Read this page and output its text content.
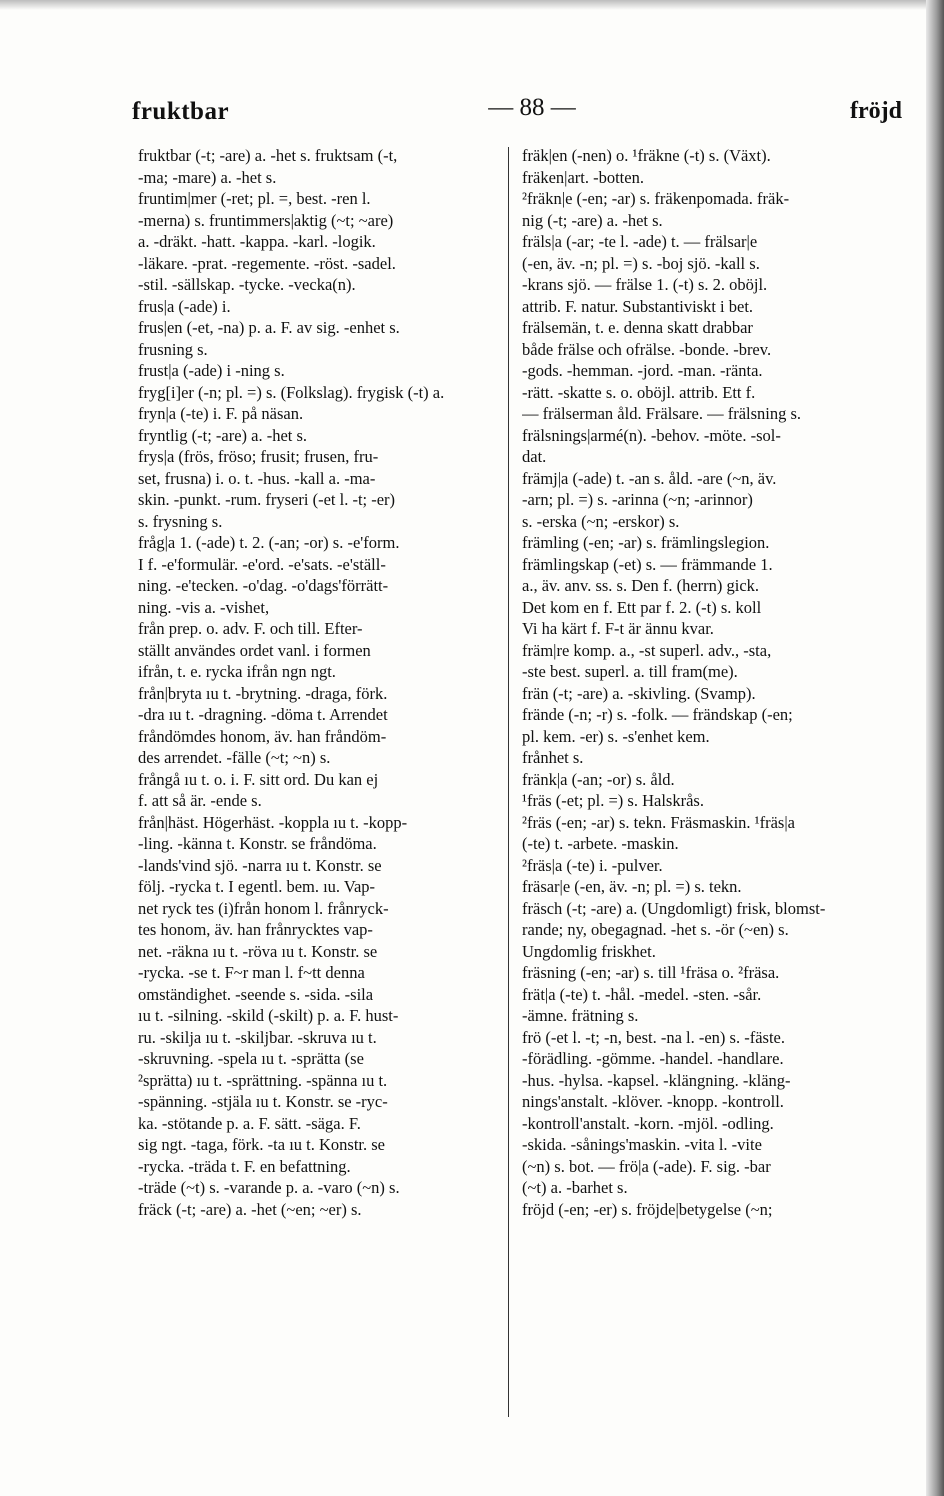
fruktbar	— 88 —	fröjd
fruktbar (-t; -are) a. -het s. fruktsam (-t,
-ma; -mare) a. -het s.
fruntim|mer (-ret; pl. =, best. -ren l.
-merna) s. fruntimmers|aktig (~t; ~are)
a. -dräkt. -hatt. -kappa. -karl. -logik.
-läkare. -prat. -regemente. -röst. -sadel.
-stil. -sällskap. -tycke. -vecka(n).
frus|a (-ade) i.
frus|en (-et, -na) p. a. F. av sig. -enhet s.
frusning s.
frust|a (-ade) i -ning s.
fryg[i]er (-n; pl. =) s. (Folkslag). frygisk (-t) a.
fryn|a (-te) i. F. på näsan.
fryntlig (-t; -are) a. -het s.
frys|a (frös, fröso; frusit; frusen, fru-
set, frusna) i. o. t. -hus. -kall a. -ma-
skin. -punkt. -rum. fryseri (-et l. -t; -er)
s. frysning s.
fråg|a 1. (-ade) t. 2. (-an; -or) s. -e'form.
I f. -e'formulär. -e'ord. -e'sats. -e'ställ-
ning. -e'tecken. -o'dag. -o'dags'förrätt-
ning. -vis a. -vishet,
från prep. o. adv. F. och till. Efter-
ställt användes ordet vanl. i formen
ifrån, t. e. rycka ifrån ngn ngt.
från|bryta ıu t. -brytning. -draga, förk.
-dra ıu t. -dragning. -döma t. Arrendet
fråndömdes honom, äv. han fråndöm-
des arrendet. -fälle (~t; ~n) s.
frångå ıu t. o. i. F. sitt ord. Du kan ej
f. att så är. -ende s.
från|häst. Högerhäst. -koppla ıu t. -kopp-
-ling. -känna t. Konstr. se fråndöma.
-lands'vind sjö. -narra ıu t. Konstr. se
följ. -rycka t. I egentl. bem. ıu. Vap-
net ryck tes (i)från honom l. frånryck-
tes honom, äv. han frånrycktes vap-
net. -räkna ıu t. -röva ıu t. Konstr. se
-rycka. -se t. F~r man l. f~tt denna
omständighet. -seende s. -sida. -sila
ıu t. -silning. -skild (-skilt) p. a. F. hust-
ru. -skilja ıu t. -skiljbar. -skruva ıu t.
-skruvning. -spela ıu t. -sprätta (se
²sprätta) ıu t. -sprättning. -spänna ıu t.
-spänning. -stjäla ıu t. Konstr. se -ryc-
ka. -stötande p. a. F. sätt. -säga. F.
sig ngt. -taga, förk. -ta ıu t. Konstr. se
-rycka. -träda t. F. en befattning.
-träde (~t) s. -varande p. a. -varo (~n) s.
fräck (-t; -are) a. -het (~en; ~er) s.
fräk|en (-nen) o. ¹fräkne (-t) s. (Växt).
fräken|art. -botten.
²fräkn|e (-en; -ar) s. fräkenpomada. fräk-
nig (-t; -are) a. -het s.
fräls|a (-ar; -te l. -ade) t. — frälsar|e
(-en, äv. -n; pl. =) s. -boj sjö. -kall s.
-krans sjö. — frälse 1. (-t) s. 2. oböjl.
attrib. F. natur. Substantiviskt i bet.
frälsemän, t. e. denna skatt drabbar
både frälse och ofrälse. -bonde. -brev.
-gods. -hemman. -jord. -man. -ränta.
-rätt. -skatte s. o. oböjl. attrib. Ett f.
— frälserman åld. Frälsare. — frälsning s.
frälsnings|armé(n). -behov. -möte. -sol-
dat.
främj|a (-ade) t. -an s. åld. -are (~n, äv.
-arn; pl. =) s. -arinna (~n; -arinnor)
s. -erska (~n; -erskor) s.
främling (-en; -ar) s. främlingslegion.
främlingskap (-et) s. — främmande 1.
a., äv. anv. ss. s. Den f. (herrn) gick.
Det kom en f. Ett par f. 2. (-t) s. koll
Vi ha kärt f. F-t är ännu kvar.
främ|re komp. a., -st superl. adv., -sta,
-ste best. superl. a. till fram(me).
frän (-t; -are) a. -skivling. (Svamp).
frände (-n; -r) s. -folk. — frändskap (-en;
pl. kem. -er) s. -s'enhet kem.
frånhet s.
fränk|a (-an; -or) s. åld.
¹fräs (-et; pl. =) s. Halskrås.
²fräs (-en; -ar) s. tekn. Fräsmaskin. ¹fräs|a
(-te) t. -arbete. -maskin.
²fräs|a (-te) i. -pulver.
fräsar|e (-en, äv. -n; pl. =) s. tekn.
fräsch (-t; -are) a. (Ungdomligt) frisk, blomst-
rande; ny, obegagnad. -het s. -ör (~en) s.
Ungdomlig friskhet.
fräsning (-en; -ar) s. till ¹fräsa o. ²fräsa.
frät|a (-te) t. -hål. -medel. -sten. -sår.
-ämne. frätning s.
frö (-et l. -t; -n, best. -na l. -en) s. -fäste.
-förädling. -gömme. -handel. -handlare.
-hus. -hylsa. -kapsel. -klängning. -kläng-
nings'anstalt. -klöver. -knopp. -kontroll.
-kontroll'anstalt. -korn. -mjöl. -odling.
-skida. -sånings'maskin. -vita l. -vite
(~n) s. bot. — frö|a (-ade). F. sig. -bar
(~t) a. -barhet s.
fröjd (-en; -er) s. fröjde|betygelse (~n;
